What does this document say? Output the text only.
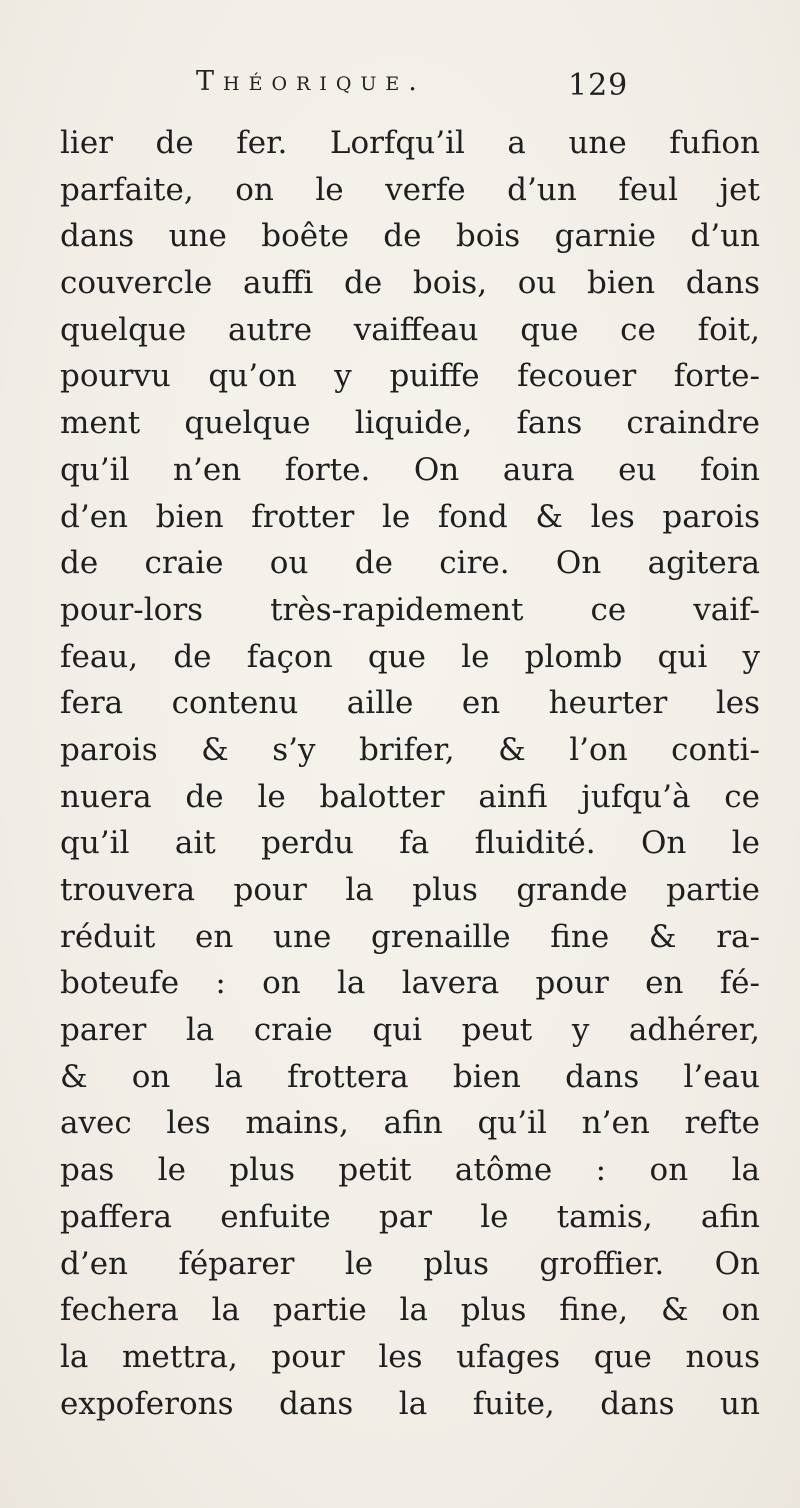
Théorique.	129
lier de fer. Lorfqu’il a une fufion
parfaite, on le verfe d’un feul jet
dans une boête de bois garnie d’un
couvercle auffi de bois, ou bien dans
quelque autre vaiffeau que ce foit,
pourvu qu’on y puiffe fecouer forte-
ment quelque liquide, fans craindre
qu’il n’en forte. On aura eu foin
d’en bien frotter le fond & les parois
de craie ou de cire. On agitera
pour-lors très-rapidement ce vaif-
feau, de façon que le plomb qui y
fera contenu aille en heurter les
parois & s’y brifer, & l’on conti-
nuera de le balotter ainfi jufqu’à ce
qu’il ait perdu fa fluidité. On le
trouvera pour la plus grande partie
réduit en une grenaille fine & ra-
boteufe : on la lavera pour en fé-
parer la craie qui peut y adhérer,
& on la frottera bien dans l’eau
avec les mains, afin qu’il n’en refte
pas le plus petit atôme : on la
paffera enfuite par le tamis, afin
d’en féparer le plus groffier. On
fechera la partie la plus fine, & on
la mettra, pour les ufages que nous
expoferons dans la fuite, dans un
